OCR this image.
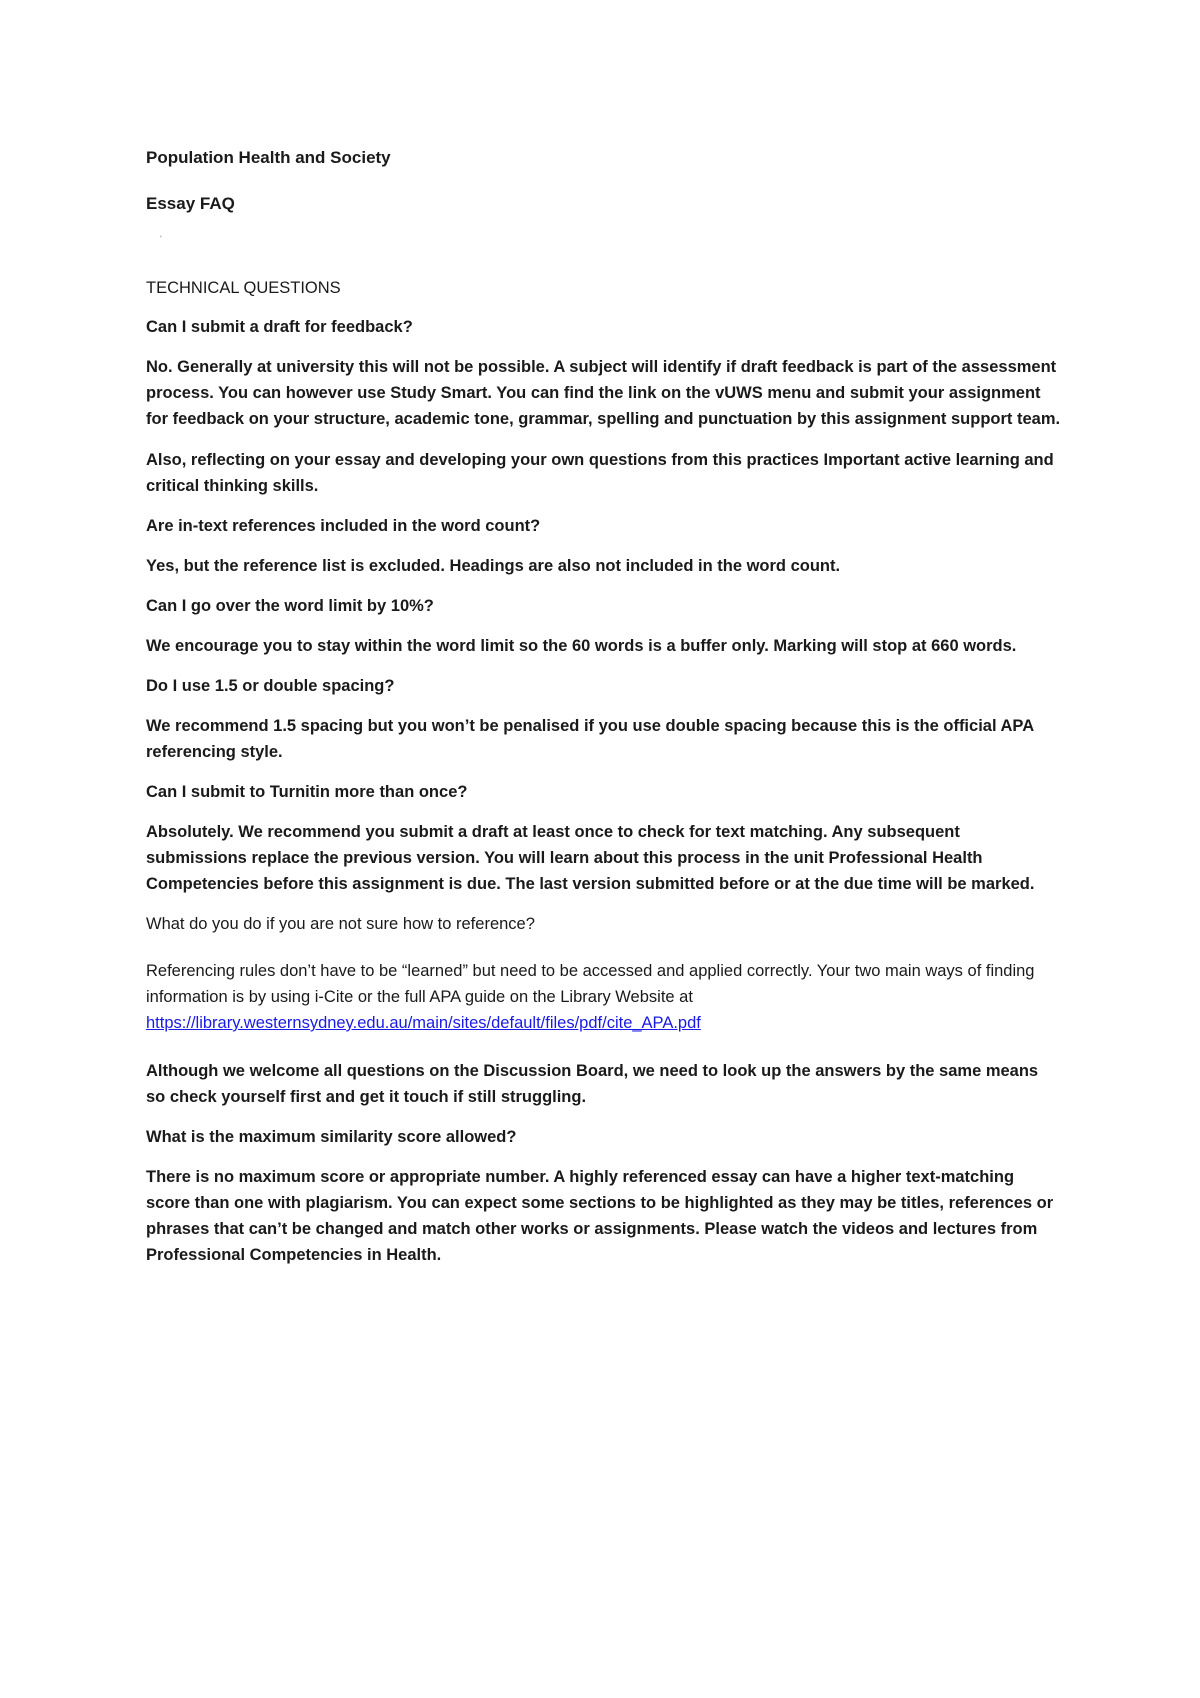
Population Health and Society

Essay FAQ

'

TECHNICAL QUESTIONS

Can I submit a draft for feedback?

No. Generally at university this will not be possible. A subject will identify if draft feedback is part of the assessment process. You can however use Study Smart. You can find the link on the vUWS menu and submit your assignment for feedback on your structure, academic tone, grammar, spelling and punctuation by this assignment support team.

Also, reflecting on your essay and developing your own questions from this practices Important active learning and critical thinking skills.

Are in-text references included in the word count?

Yes, but the reference list is excluded. Headings are also not included in the word count.

Can I go over the word limit by 10%?

We encourage you to stay within the word limit so the 60 words is a buffer only. Marking will stop at 660 words.

Do I use 1.5 or double spacing?

We recommend 1.5 spacing but you won’t be penalised if you use double spacing because this is the official APA referencing style.

Can I submit to Turnitin more than once?

Absolutely. We recommend you submit a draft at least once to check for text matching. Any subsequent submissions replace the previous version. You will learn about this process in the unit Professional Health Competencies before this assignment is due. The last version submitted before or at the due time will be marked.

What do you do if you are not sure how to reference?

Referencing rules don’t have to be “learned” but need to be accessed and applied correctly. Your two main ways of finding information is by using i-Cite or the full APA guide on the Library Website at
https://library.westernsydney.edu.au/main/sites/default/files/pdf/cite_APA.pdf

Although we welcome all questions on the Discussion Board, we need to look up the answers by the same means so check yourself first and get it touch if still struggling.

What is the maximum similarity score allowed?

There is no maximum score or appropriate number. A highly referenced essay can have a higher text-matching score than one with plagiarism. You can expect some sections to be highlighted as they may be titles, references or phrases that can’t be changed and match other works or assignments. Please watch the videos and lectures from Professional Competencies in Health.
